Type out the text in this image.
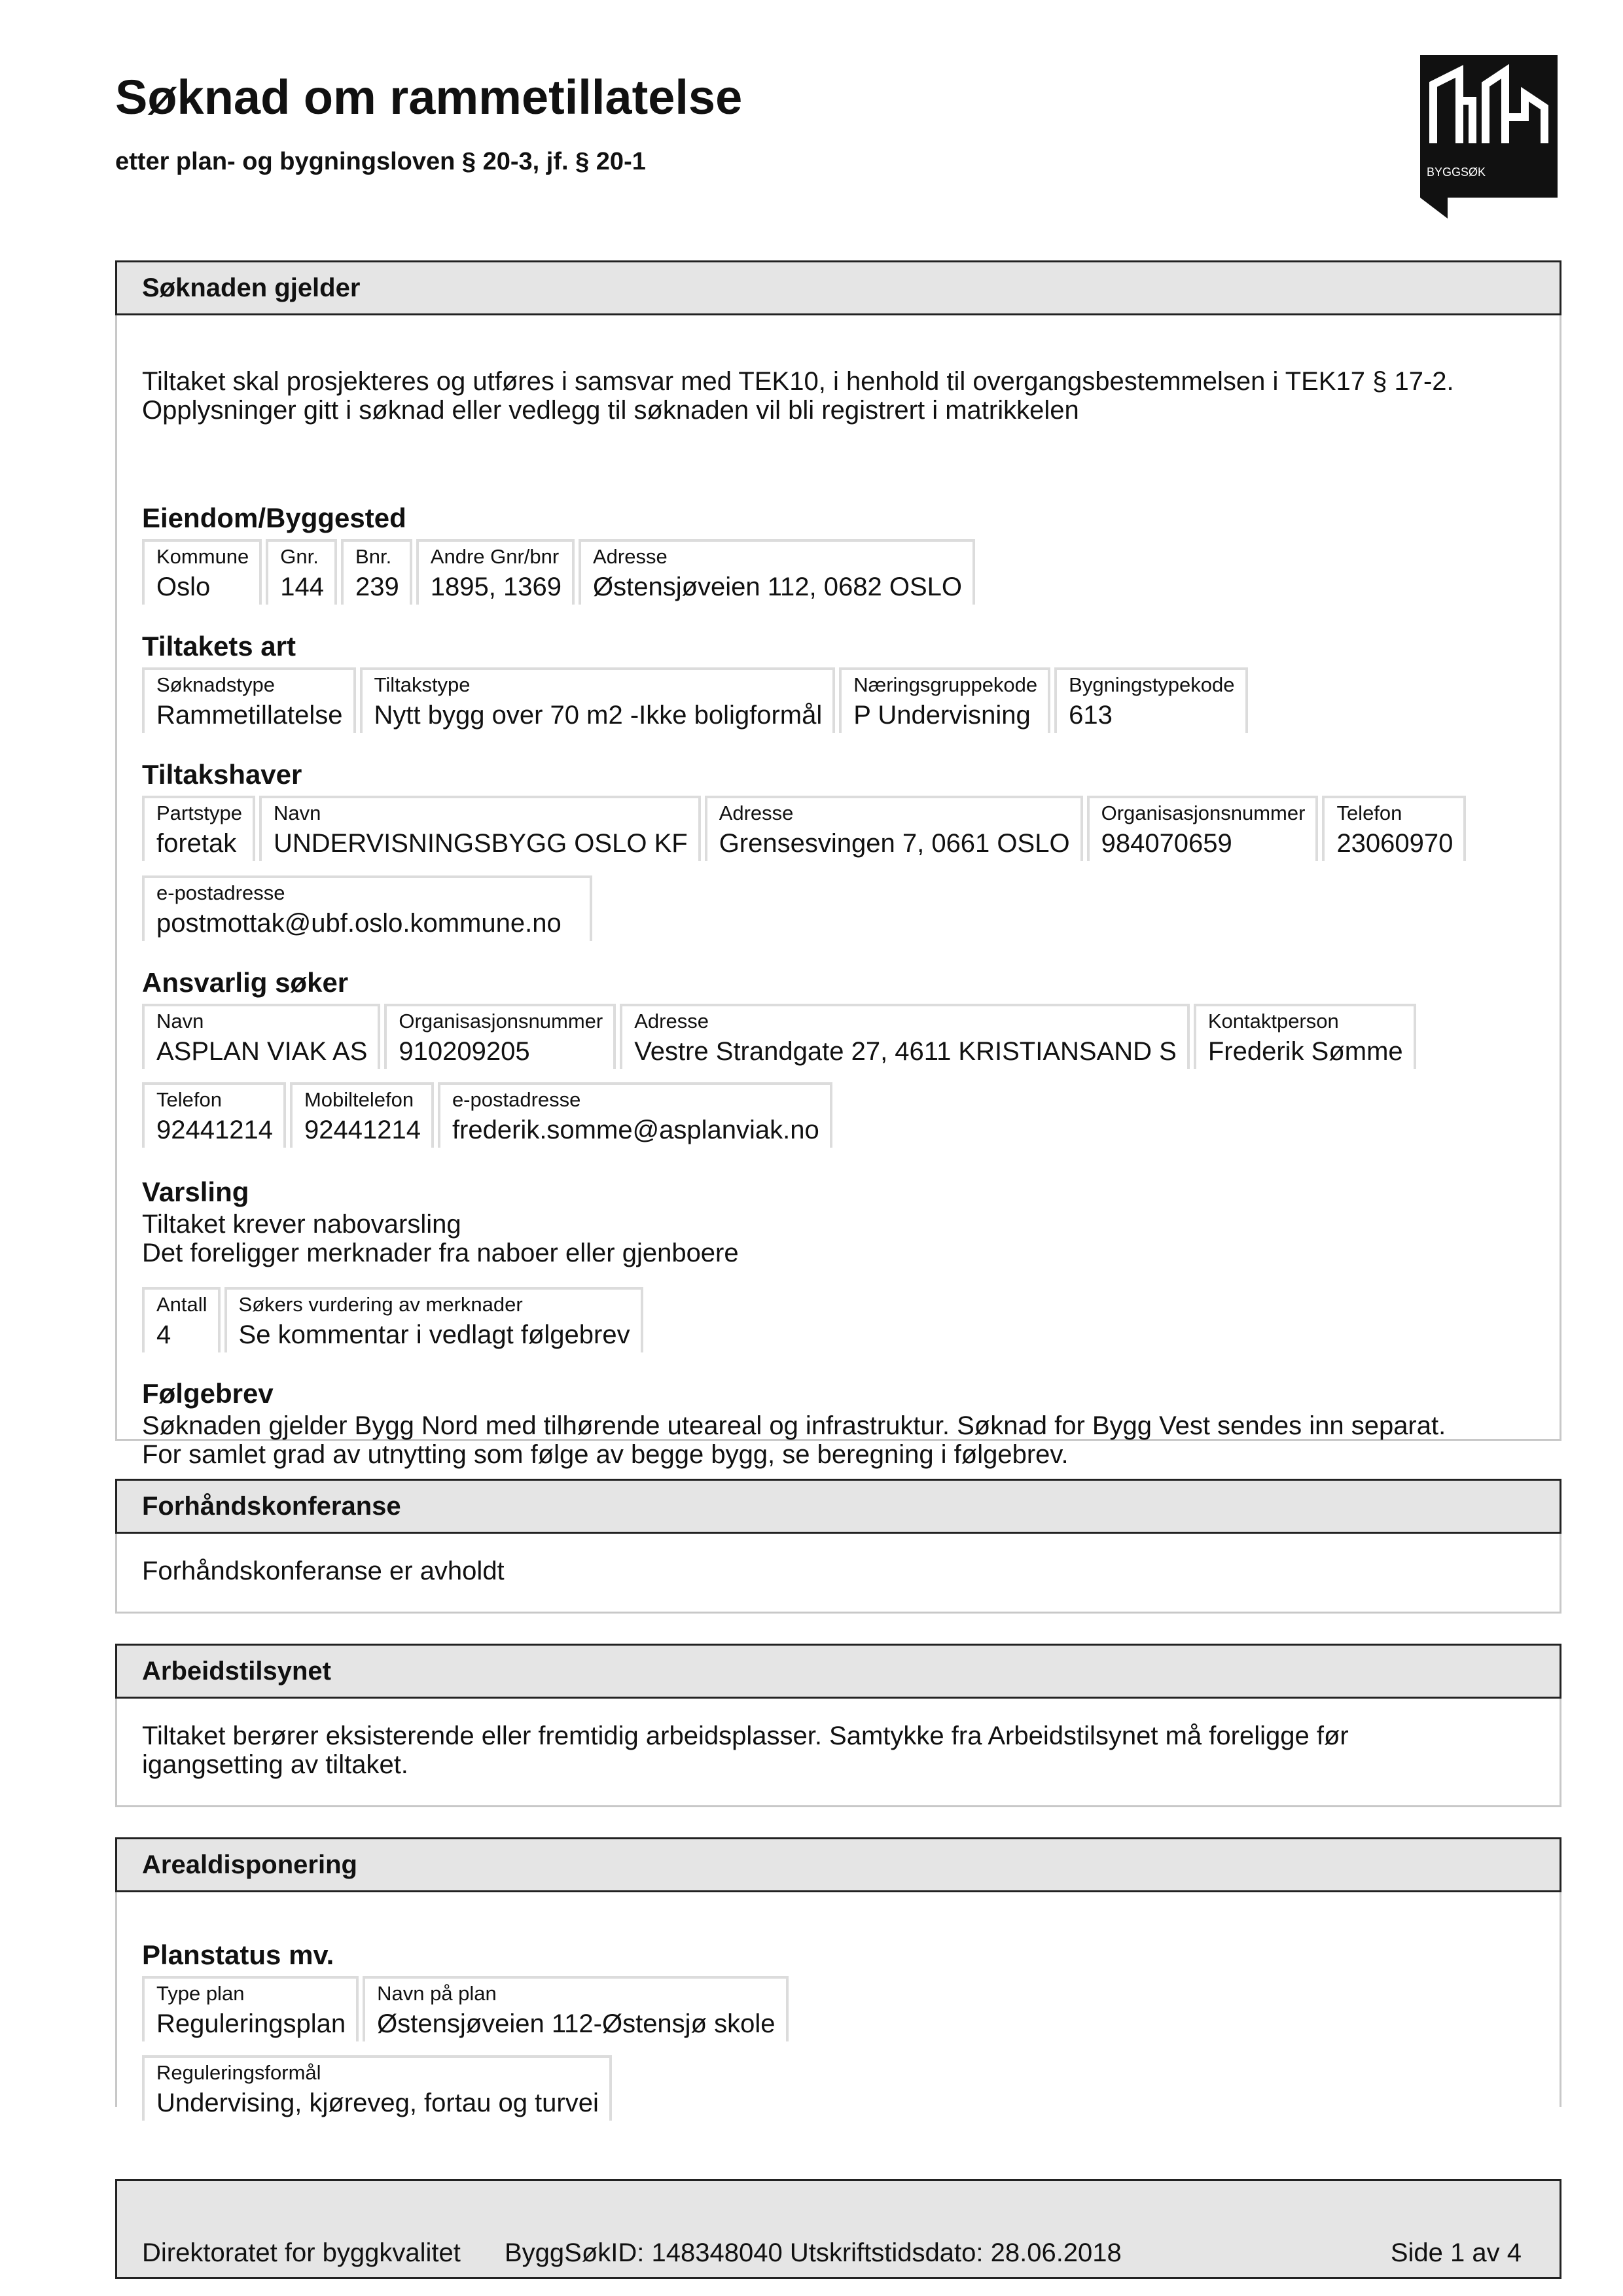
Søknad om rammetillatelse
etter plan- og bygningsloven § 20-3, jf. § 20-1	BYGGSØK
Søknaden gjelder

Tiltaket skal prosjekteres og utføres i samsvar med TEK10, i henhold til overgangsbestemmelsen i TEK17 § 17-2.

Opplysninger gitt i søknad eller vedlegg til søknaden vil bli registrert i matrikkelen

Eiendom/Byggested

Kommune
Oslo
Gnr.
144
Bnr.
239
Andre Gnr/bnr
1895, 1369
Adresse
Østensjøveien 112, 0682 OSLO

Tiltakets art

Søknadstype
Rammetillatelse
Tiltakstype
Nytt bygg over 70 m2 -Ikke boligformål
Næringsgruppekode
P Undervisning
Bygningstypekode
613

Tiltakshaver

Partstype
foretak
Navn
UNDERVISNINGSBYGG OSLO KF
Adresse
Grensesvingen 7, 0661 OSLO
Organisasjonsnummer
984070659
Telefon
23060970
e-postadresse
postmottak@ubf.oslo.kommune.no

Ansvarlig søker

Navn
ASPLAN VIAK AS
Organisasjonsnummer
910209205
Adresse
Vestre Strandgate 27, 4611 KRISTIANSAND S
Kontaktperson
Frederik Sømme
Telefon
92441214
Mobiltelefon
92441214
e-postadresse
frederik.somme@asplanviak.no

Varsling

Tiltaket krever nabovarsling

Det foreligger merknader fra naboer eller gjenboere

Antall
4
Søkers vurdering av merknader
Se kommentar i vedlagt følgebrev

Følgebrev

Søknaden gjelder Bygg Nord med tilhørende uteareal og infrastruktur. Søknad for Bygg Vest sendes inn separat.

For samlet grad av utnytting som følge av begge bygg, se beregning i følgebrev.

Forhåndskonferanse

Forhåndskonferanse er avholdt

Arbeidstilsynet

Tiltaket berører eksisterende eller fremtidig arbeidsplasser. Samtykke fra Arbeidstilsynet må foreligge før

igangsetting av tiltaket.

Arealdisponering

Planstatus mv.

Type plan
Reguleringsplan
Navn på plan
Østensjøveien 112-Østensjø skole
Reguleringsformål
Undervising, kjøreveg, fortau og turvei
Direktoratet for byggkvalitet ByggSøkID: 148348040 Utskriftstidsdato: 28.06.2018	Side 1 av 4
